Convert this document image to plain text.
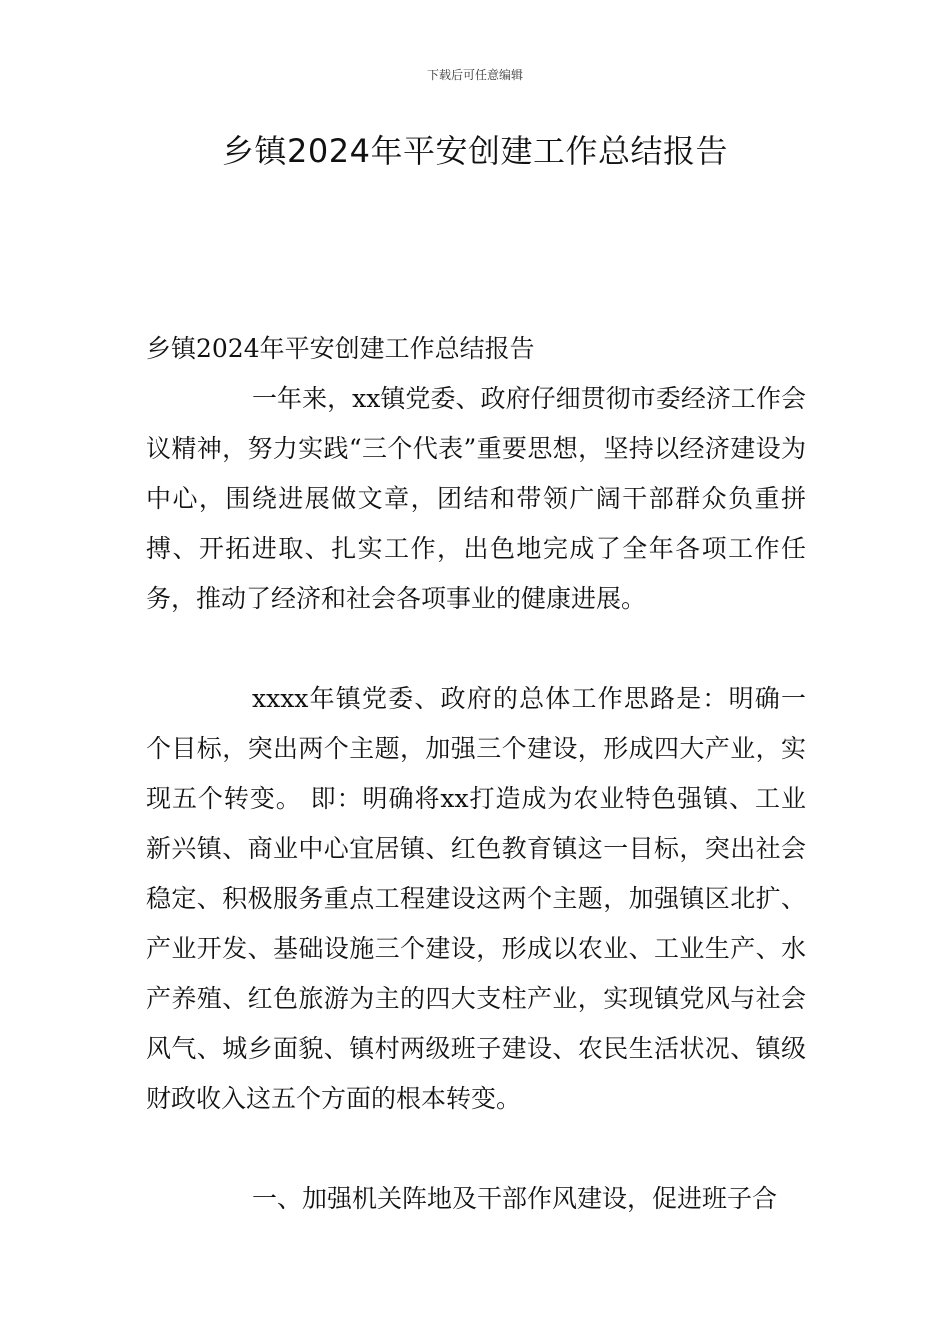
下载后可任意编辑
乡镇2024年平安创建工作总结报告

乡镇2024年平安创建工作总结报告

一年来，xx镇党委、政府仔细贯彻市委经济工作会议精神，努力实践“三个代表”重要思想，坚持以经济建设为中心，围绕进展做文章，团结和带领广阔干部群众负重拼搏、开拓进取、扎实工作，出色地完成了全年各项工作任务，推动了经济和社会各项事业的健康进展。

xxxx年镇党委、政府的总体工作思路是：明确一个目标，突出两个主题，加强三个建设，形成四大产业，实现五个转变。 即：明确将xx打造成为农业特色强镇、工业新兴镇、商业中心宜居镇、红色教育镇这一目标，突出社会稳定、积极服务重点工程建设这两个主题，加强镇区北扩、产业开发、基础设施三个建设，形成以农业、工业生产、水产养殖、红色旅游为主的四大支柱产业，实现镇党风与社会风气、城乡面貌、镇村两级班子建设、农民生活状况、镇级财政收入这五个方面的根本转变。

一、加强机关阵地及干部作风建设，促进班子合
